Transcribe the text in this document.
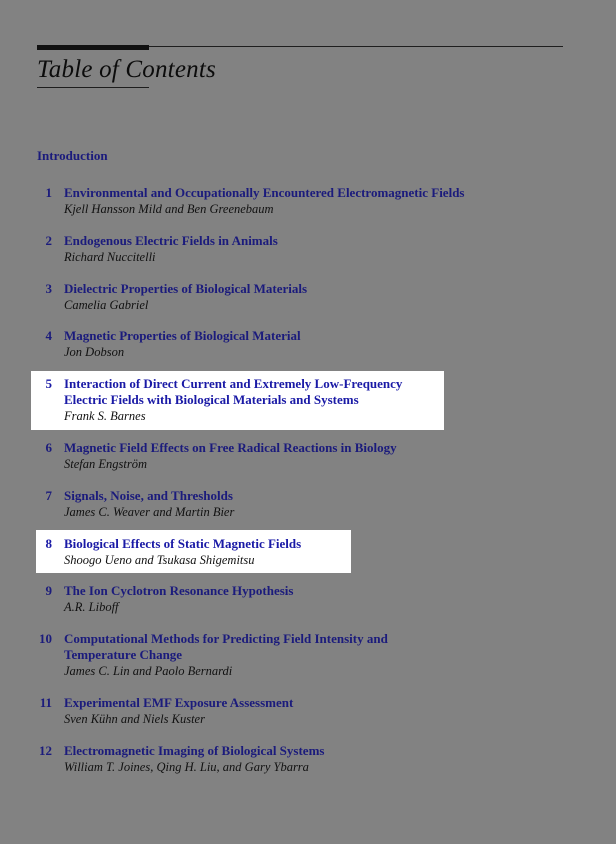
Table of Contents
Introduction
1 Environmental and Occupationally Encountered Electromagnetic Fields
Kjell Hansson Mild and Ben Greenebaum
2 Endogenous Electric Fields in Animals
Richard Nuccitelli
3 Dielectric Properties of Biological Materials
Camelia Gabriel
4 Magnetic Properties of Biological Material
Jon Dobson
5 Interaction of Direct Current and Extremely Low-Frequency Electric Fields with Biological Materials and Systems
Frank S. Barnes
6 Magnetic Field Effects on Free Radical Reactions in Biology
Stefan Engström
7 Signals, Noise, and Thresholds
James C. Weaver and Martin Bier
8 Biological Effects of Static Magnetic Fields
Shoogo Ueno and Tsukasa Shigemitsu
9 The Ion Cyclotron Resonance Hypothesis
A.R. Liboff
10 Computational Methods for Predicting Field Intensity and Temperature Change
James C. Lin and Paolo Bernardi
11 Experimental EMF Exposure Assessment
Sven Kühn and Niels Kuster
12 Electromagnetic Imaging of Biological Systems
William T. Joines, Qing H. Liu, and Gary Ybarra
